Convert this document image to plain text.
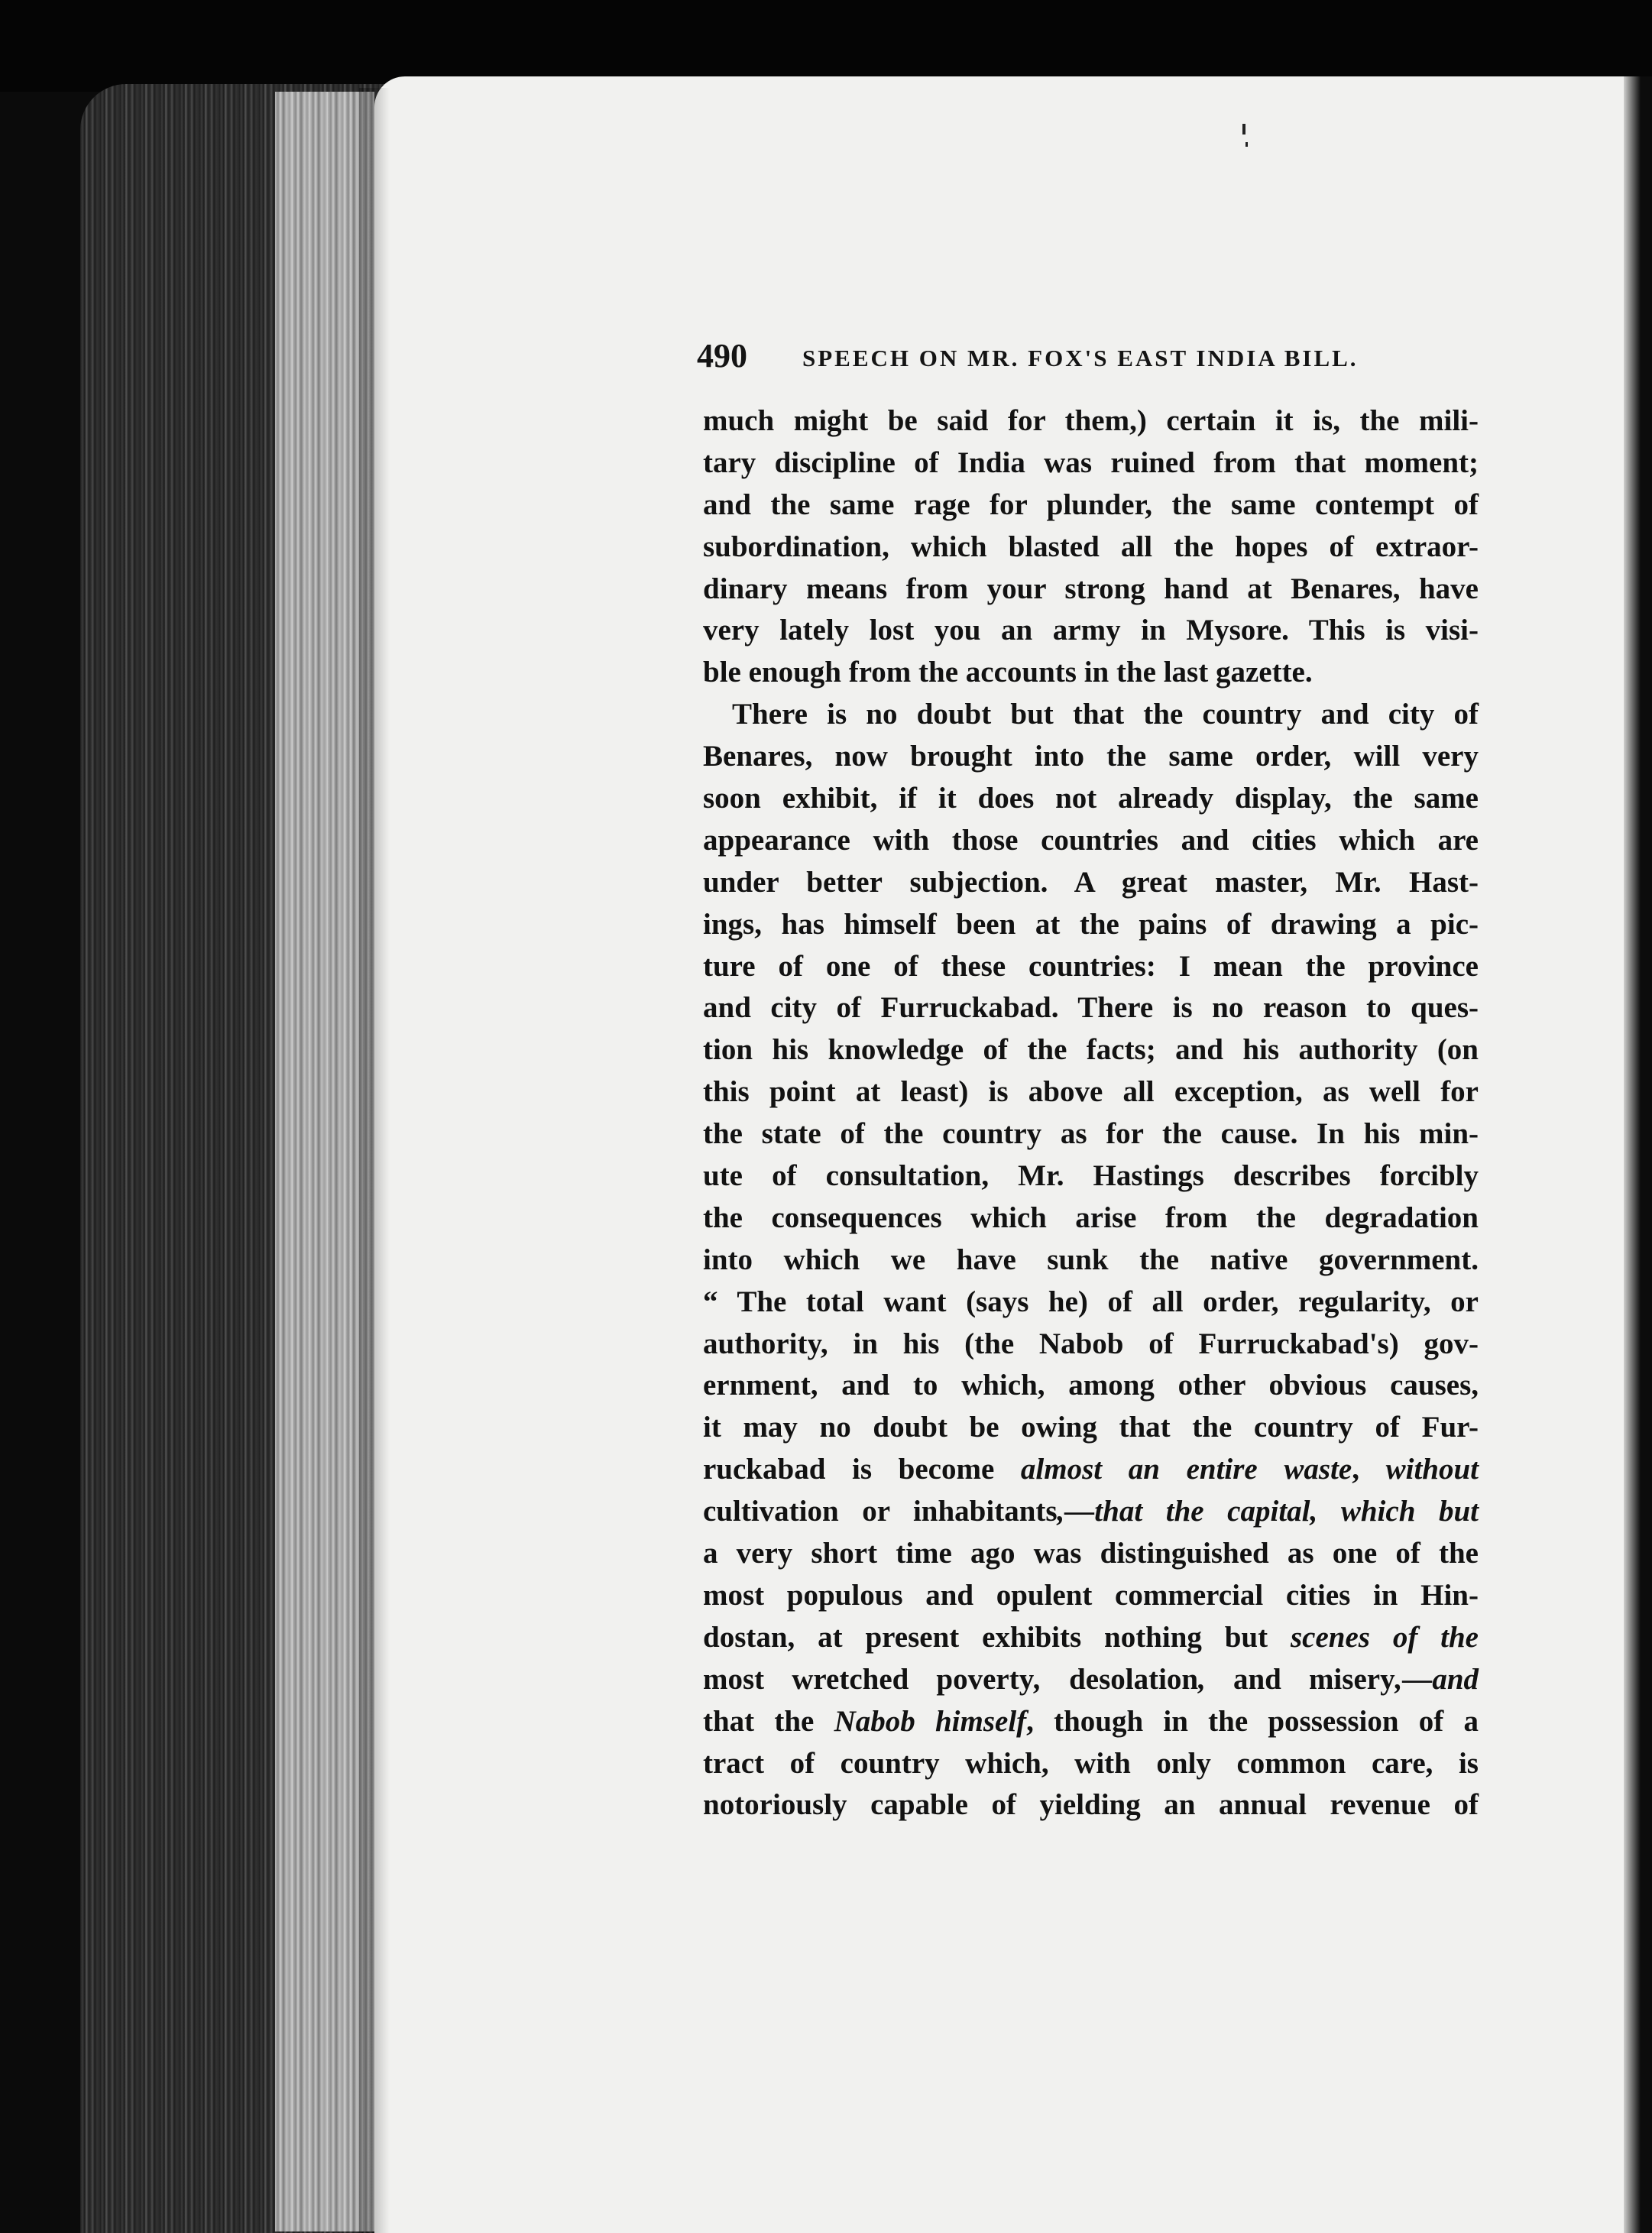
490 SPEECH ON MR. FOX'S EAST INDIA BILL.
much might be said for them,) certain it is, the mili-
tary discipline of India was ruined from that moment;
and the same rage for plunder, the same contempt of
subordination, which blasted all the hopes of extraor-
dinary means from your strong hand at Benares, have
very lately lost you an army in Mysore. This is visi-
ble enough from the accounts in the last gazette.
There is no doubt but that the country and city of
Benares, now brought into the same order, will very
soon exhibit, if it does not already display, the same
appearance with those countries and cities which are
under better subjection. A great master, Mr. Hast-
ings, has himself been at the pains of drawing a pic-
ture of one of these countries: I mean the province
and city of Furruckabad. There is no reason to ques-
tion his knowledge of the facts; and his authority (on
this point at least) is above all exception, as well for
the state of the country as for the cause. In his min-
ute of consultation, Mr. Hastings describes forcibly
the consequences which arise from the degradation
into which we have sunk the native government.
“ The total want (says he) of all order, regularity, or
authority, in his (the Nabob of Furruckabad's) gov-
ernment, and to which, among other obvious causes,
it may no doubt be owing that the country of Fur-
ruckabad is become almost an entire waste, without
cultivation or inhabitants,—that the capital, which but
a very short time ago was distinguished as one of the
most populous and opulent commercial cities in Hin-
dostan, at present exhibits nothing but scenes of the
most wretched poverty, desolation, and misery,—and
that the Nabob himself, though in the possession of a
tract of country which, with only common care, is
notoriously capable of yielding an annual revenue of
